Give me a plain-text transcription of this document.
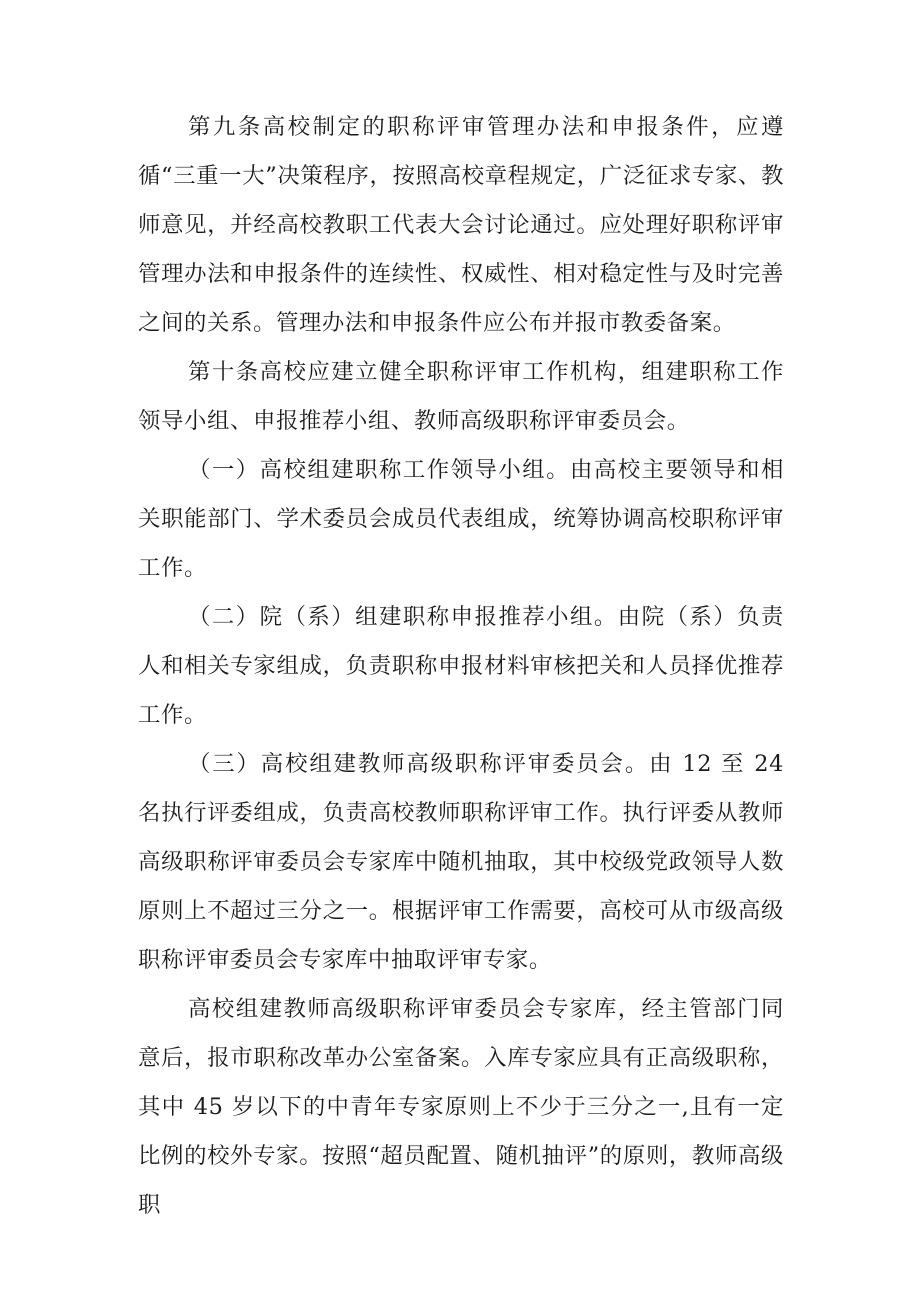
第九条高校制定的职称评审管理办法和申报条件，应遵循“三重一大”决策程序，按照高校章程规定，广泛征求专家、教师意见，并经高校教职工代表大会讨论通过。应处理好职称评审管理办法和申报条件的连续性、权威性、相对稳定性与及时完善之间的关系。管理办法和申报条件应公布并报市教委备案。

第十条高校应建立健全职称评审工作机构，组建职称工作领导小组、申报推荐小组、教师高级职称评审委员会。

（一）高校组建职称工作领导小组。由高校主要领导和相关职能部门、学术委员会成员代表组成，统筹协调高校职称评审工作。

（二）院（系）组建职称申报推荐小组。由院（系）负责人和相关专家组成，负责职称申报材料审核把关和人员择优推荐工作。

（三）高校组建教师高级职称评审委员会。由 12 至 24 名执行评委组成，负责高校教师职称评审工作。执行评委从教师高级职称评审委员会专家库中随机抽取，其中校级党政领导人数原则上不超过三分之一。根据评审工作需要，高校可从市级高级职称评审委员会专家库中抽取评审专家。

高校组建教师高级职称评审委员会专家库，经主管部门同意后，报市职称改革办公室备案。入库专家应具有正高级职称，其中 45 岁以下的中青年专家原则上不少于三分之一,且有一定比例的校外专家。按照“超员配置、随机抽评”的原则，教师高级职
